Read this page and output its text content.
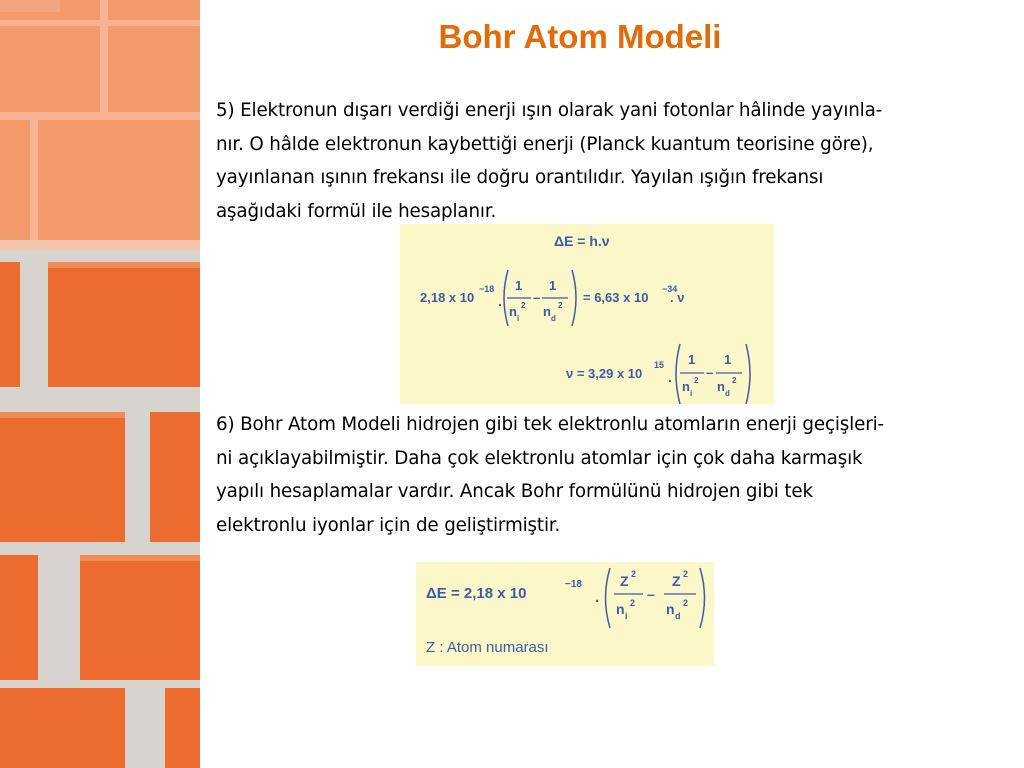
Bohr Atom Modeli
5) Elektronun dışarı verdiği enerji ışın olarak yani fotonlar hâlinde yayınla-
nır. O hâlde elektronun kaybettiği enerji (Planck kuantum teorisine göre),
yayınlanan ışının frekansı ile doğru orantılıdır. Yayılan ışığın frekansı
aşağıdaki formül ile hesaplanır.
ΔE = h.ν
2,18 x 10
−18
.
1
n i
2
–
1
n d
2
= 6,63 x 10
−34
. ν
ν = 3,29 x 10
15
.
1
n i
2
–
1
n d
2
6) Bohr Atom Modeli hidrojen gibi tek elektronlu atomların enerji geçişleri-
ni açıklayabilmiştir. Daha çok elektronlu atomlar için çok daha karmaşık
yapılı hesaplamalar vardır. Ancak Bohr formülünü hidrojen gibi tek
elektronlu iyonlar için de geliştirmiştir.
ΔE = 2,18 x 10
−18
.
Z 2
n i
2
–
Z 2
n d
2
Z : Atom numarası
